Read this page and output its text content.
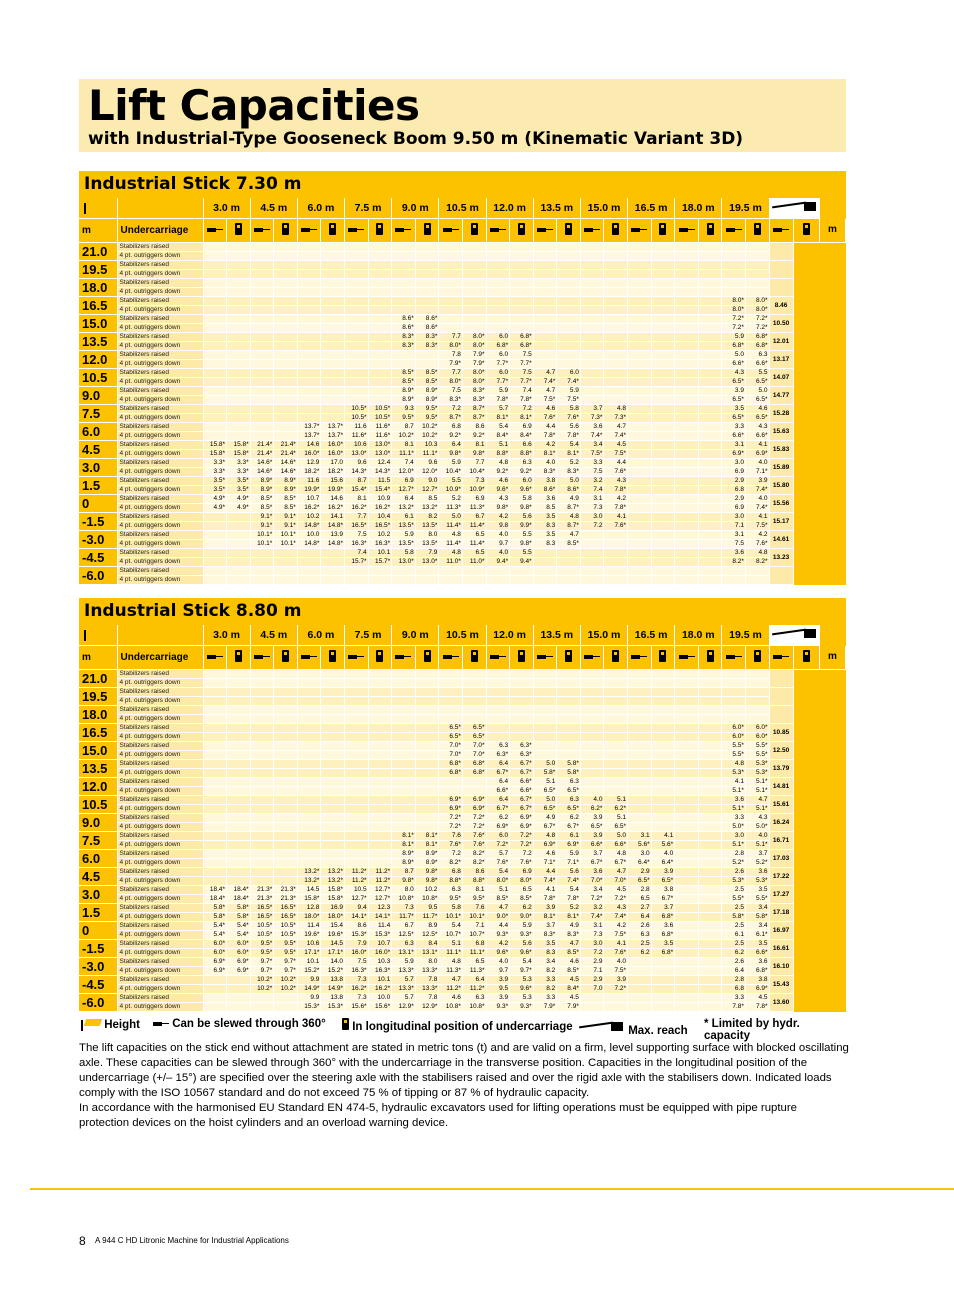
Lift Capacities
with Industrial-Type Gooseneck Boom 9.50 m (Kinematic Variant 3D)
Industrial Stick 7.30 m
		3.0 m		4.5 m		6.0 m		7.5 m		9.0 m		10.5 m		12.0 m		13.5 m		15.0 m		16.5 m		18.0 m		19.5 m				
m	Undercarriage																											m
21.0	Stabilizers raised																											
	4 pt. outriggers down																											
19.5	Stabilizers raised																											
	4 pt. outriggers down																											
18.0	Stabilizers raised																											
	4 pt. outriggers down																											
16.5	Stabilizers raised																							8.0*	8.0*	8.46		
	4 pt. outriggers down																							8.0*	8.0*			
15.0	Stabilizers raised									8.6*	8.6*													7.2*	7.2*	10.50		
	4 pt. outriggers down									8.6*	8.6*													7.2*	7.2*			
13.5	Stabilizers raised									8.3*	8.3*	7.7	8.0*	6.0	6.8*									5.9	6.8*	12.01		
	4 pt. outriggers down									8.3*	8.3*	8.0*	8.0*	6.8*	6.8*									6.8*	6.8*			
12.0	Stabilizers raised											7.8	7.9*	6.0	7.5									5.0	6.3	13.17		
	4 pt. outriggers down											7.9*	7.9*	7.7*	7.7*									6.6*	6.6*			
10.5	Stabilizers raised									8.5*	8.5*	7.7	8.0*	6.0	7.5	4.7	6.0							4.3	5.5	14.07		
	4 pt. outriggers down									8.5*	8.5*	8.0*	8.0*	7.7*	7.7*	7.4*	7.4*							6.5*	6.5*			
9.0	Stabilizers raised									8.9*	8.9*	7.5	8.3*	5.9	7.4	4.7	5.9							3.9	5.0	14.77		
	4 pt. outriggers down									8.9*	8.9*	8.3*	8.3*	7.8*	7.8*	7.5*	7.5*							6.5*	6.5*			
7.5	Stabilizers raised							10.5*	10.5*	9.3	9.5*	7.2	8.7*	5.7	7.2	4.6	5.8	3.7	4.8					3.5	4.6	15.28		
	4 pt. outriggers down							10.5*	10.5*	9.5*	9.5*	8.7*	8.7*	8.1*	8.1*	7.6*	7.6*	7.3*	7.3*					6.5*	6.5*			
6.0	Stabilizers raised					13.7*	13.7*	11.6	11.6*	8.7	10.2*	6.8	8.6	5.4	6.9	4.4	5.6	3.6	4.7					3.3	4.3	15.63		
	4 pt. outriggers down					13.7*	13.7*	11.6*	11.6*	10.2*	10.2*	9.2*	9.2*	8.4*	8.4*	7.8*	7.8*	7.4*	7.4*					6.6*	6.6*			
4.5	Stabilizers raised	15.8*	15.8*	21.4*	21.4*	14.6	16.0*	10.6	13.0*	8.1	10.3	6.4	8.1	5.1	6.6	4.2	5.4	3.4	4.5					3.1	4.1	15.83		
	4 pt. outriggers down	15.8*	15.8*	21.4*	21.4*	16.0*	16.0*	13.0*	13.0*	11.1*	11.1*	9.8*	9.8*	8.8*	8.8*	8.1*	8.1*	7.5*	7.5*					6.9*	6.9*			
3.0	Stabilizers raised	3.3*	3.3*	14.6*	14.6*	12.9	17.0	9.6	12.4	7.4	9.6	5.9	7.7	4.8	6.3	4.0	5.2	3.3	4.4					3.0	4.0	15.89		
	4 pt. outriggers down	3.3*	3.3*	14.6*	14.6*	18.2*	18.2*	14.3*	14.3*	12.0*	12.0*	10.4*	10.4*	9.2*	9.2*	8.3*	8.3*	7.5	7.6*					6.9	7.1*			
1.5	Stabilizers raised	3.5*	3.5*	8.9*	8.9*	11.6	15.6	8.7	11.5	6.9	9.0	5.5	7.3	4.6	6.0	3.8	5.0	3.2	4.3					2.9	3.9	15.80		
	4 pt. outriggers down	3.5*	3.5*	8.9*	8.9*	19.9*	19.9*	15.4*	15.4*	12.7*	12.7*	10.9*	10.9*	9.6*	9.6*	8.6*	8.6*	7.4	7.8*					6.8	7.4*			
0	Stabilizers raised	4.9*	4.9*	8.5*	8.5*	10.7	14.6	8.1	10.9	6.4	8.5	5.2	6.9	4.3	5.8	3.6	4.9	3.1	4.2					2.9	4.0	15.56		
	4 pt. outriggers down	4.9*	4.9*	8.5*	8.5*	16.2*	16.2*	16.2*	16.2*	13.2*	13.2*	11.3*	11.3*	9.8*	9.8*	8.5	8.7*	7.3	7.8*					6.9	7.4*			
-1.5	Stabilizers raised			9.1*	9.1*	10.2	14.1	7.7	10.4	6.1	8.2	5.0	6.7	4.2	5.6	3.5	4.8	3.0	4.1					3.0	4.1	15.17		
	4 pt. outriggers down			9.1*	9.1*	14.8*	14.8*	16.5*	16.5*	13.5*	13.5*	11.4*	11.4*	9.8	9.9*	8.3	8.7*	7.2	7.6*					7.1	7.5*			
-3.0	Stabilizers raised			10.1*	10.1*	10.0	13.9	7.5	10.2	5.9	8.0	4.8	6.5	4.0	5.5	3.5	4.7							3.1	4.2	14.61		
	4 pt. outriggers down			10.1*	10.1*	14.8*	14.8*	16.3*	16.3*	13.5*	13.5*	11.4*	11.4*	9.7	9.8*	8.3	8.5*							7.5	7.6*			
-4.5	Stabilizers raised							7.4	10.1	5.8	7.9	4.8	6.5	4.0	5.5									3.6	4.8	13.23		
	4 pt. outriggers down							15.7*	15.7*	13.0*	13.0*	11.0*	11.0*	9.4*	9.4*									8.2*	8.2*			
-6.0	Stabilizers raised																											
	4 pt. outriggers down																											
Industrial Stick 8.80 m
		3.0 m		4.5 m		6.0 m		7.5 m		9.0 m		10.5 m		12.0 m		13.5 m		15.0 m		16.5 m		18.0 m		19.5 m				
m	Undercarriage																											m
21.0	Stabilizers raised																											
	4 pt. outriggers down																											
19.5	Stabilizers raised																											
	4 pt. outriggers down																											
18.0	Stabilizers raised																											
	4 pt. outriggers down																											
16.5	Stabilizers raised											6.5*	6.5*											6.0*	6.0*	10.85		
	4 pt. outriggers down											6.5*	6.5*											6.0*	6.0*			
15.0	Stabilizers raised											7.0*	7.0*	6.3	6.3*									5.5*	5.5*	12.50		
	4 pt. outriggers down											7.0*	7.0*	6.3*	6.3*									5.5*	5.5*			
13.5	Stabilizers raised											6.8*	6.8*	6.4	6.7*	5.0	5.8*							4.8	5.3*	13.79		
	4 pt. outriggers down											6.8*	6.8*	6.7*	6.7*	5.8*	5.8*							5.3*	5.3*			
12.0	Stabilizers raised													6.4	6.6*	5.1	6.3							4.1	5.1*	14.81		
	4 pt. outriggers down													6.6*	6.6*	6.5*	6.5*							5.1*	5.1*			
10.5	Stabilizers raised											6.9*	6.9*	6.4	6.7*	5.0	6.3	4.0	5.1					3.6	4.7	15.61		
	4 pt. outriggers down											6.9*	6.9*	6.7*	6.7*	6.5*	6.5*	6.2*	6.2*					5.1*	5.1*			
9.0	Stabilizers raised											7.2*	7.2*	6.2	6.9*	4.9	6.2	3.9	5.1					3.3	4.3	16.24		
	4 pt. outriggers down											7.2*	7.2*	6.9*	6.9*	6.7*	6.7*	6.5*	6.5*					5.0*	5.0*			
7.5	Stabilizers raised									8.1*	8.1*	7.6	7.6*	6.0	7.2*	4.8	6.1	3.9	5.0	3.1	4.1			3.0	4.0	16.71		
	4 pt. outriggers down									8.1*	8.1*	7.6*	7.6*	7.2*	7.2*	6.9*	6.9*	6.6*	6.6*	5.6*	5.6*			5.1*	5.1*			
6.0	Stabilizers raised									8.9*	8.9*	7.2	8.2*	5.7	7.2	4.6	5.9	3.7	4.8	3.0	4.0			2.8	3.7	17.03		
	4 pt. outriggers down									8.9*	8.9*	8.2*	8.2*	7.6*	7.6*	7.1*	7.1*	6.7*	6.7*	6.4*	6.4*			5.2*	5.2*			
4.5	Stabilizers raised					13.2*	13.2*	11.2*	11.2*	8.7	9.8*	6.8	8.6	5.4	6.9	4.4	5.6	3.6	4.7	2.9	3.9			2.6	3.6	17.22		
	4 pt. outriggers down					13.2*	13.2*	11.2*	11.2*	9.8*	9.8*	8.8*	8.8*	8.0*	8.0*	7.4*	7.4*	7.0*	7.0*	6.5*	6.5*			5.3*	5.3*			
3.0	Stabilizers raised	18.4*	18.4*	21.3*	21.3*	14.5	15.8*	10.5	12.7*	8.0	10.2	6.3	8.1	5.1	6.5	4.1	5.4	3.4	4.5	2.8	3.8			2.5	3.5	17.27		
	4 pt. outriggers down	18.4*	18.4*	21.3*	21.3*	15.8*	15.8*	12.7*	12.7*	10.8*	10.8*	9.5*	9.5*	8.5*	8.5*	7.8*	7.8*	7.2*	7.2*	6.5	6.7*			5.5*	5.5*			
1.5	Stabilizers raised	5.8*	5.8*	16.5*	16.5*	12.8	16.9	9.4	12.3	7.3	9.5	5.8	7.6	4.7	6.2	3.9	5.2	3.2	4.3	2.7	3.7			2.5	3.4	17.18		
	4 pt. outriggers down	5.8*	5.8*	16.5*	16.5*	18.0*	18.0*	14.1*	14.1*	11.7*	11.7*	10.1*	10.1*	9.0*	9.0*	8.1*	8.1*	7.4*	7.4*	6.4	6.8*			5.8*	5.8*			
0	Stabilizers raised	5.4*	5.4*	10.5*	10.5*	11.4	15.4	8.6	11.4	6.7	8.9	5.4	7.1	4.4	5.9	3.7	4.9	3.1	4.2	2.6	3.6			2.5	3.4	16.97		
	4 pt. outriggers down	5.4*	5.4*	10.5*	10.5*	19.6*	19.6*	15.3*	15.3*	12.5*	12.5*	10.7*	10.7*	9.3*	9.3*	8.3*	8.3*	7.3	7.5*	6.3	6.8*			6.1	6.1*			
-1.5	Stabilizers raised	6.0*	6.0*	9.5*	9.5*	10.6	14.5	7.9	10.7	6.3	8.4	5.1	6.8	4.2	5.6	3.5	4.7	3.0	4.1	2.5	3.5			2.5	3.5	16.61		
	4 pt. outriggers down	6.0*	6.0*	9.5*	9.5*	17.1*	17.1*	16.0*	16.0*	13.1*	13.1*	11.1*	11.1*	9.6*	9.6*	8.3	8.5*	7.2	7.6*	6.2	6.8*			6.2	6.6*			
-3.0	Stabilizers raised	6.9*	6.9*	9.7*	9.7*	10.1	14.0	7.5	10.3	5.9	8.0	4.8	6.5	4.0	5.4	3.4	4.6	2.9	4.0					2.6	3.6	16.10		
	4 pt. outriggers down	6.9*	6.9*	9.7*	9.7*	15.2*	15.2*	16.3*	16.3*	13.3*	13.3*	11.3*	11.3*	9.7	9.7*	8.2	8.5*	7.1	7.5*					6.4	6.8*			
-4.5	Stabilizers raised			10.2*	10.2*	9.9	13.8	7.3	10.1	5.7	7.8	4.7	6.4	3.9	5.3	3.3	4.5	2.9	3.9					2.8	3.8	15.43		
	4 pt. outriggers down			10.2*	10.2*	14.9*	14.9*	16.2*	16.2*	13.3*	13.3*	11.2*	11.2*	9.5	9.6*	8.2	8.4*	7.0	7.2*					6.8	6.9*			
-6.0	Stabilizers raised					9.9	13.8	7.3	10.0	5.7	7.8	4.6	6.3	3.9	5.3	3.3	4.5							3.3	4.5	13.60		
	4 pt. outriggers down					15.3*	15.3*	15.6*	15.6*	12.9*	12.9*	10.8*	10.8*	9.3*	9.3*	7.9*	7.9*							7.8*	7.8*			
Height	Can be slewed through 360°	In longitudinal position of undercarriage	Max. reach
* Limited by hydr. capacity

The lift capacities on the stick end without attachment are stated in metric tons (t) and are valid on a firm, level supporting surface with blocked oscillating axle. These capacities can be slewed through 360° with the undercarriage in the transverse position. Capacities in the longitudinal position of the undercarriage (+/– 15°) are specified over the steering axle with the stabilisers raised and over the rigid axle with the stabilisers down. Indicated loads comply with the ISO 10567 standard and do not exceed 75 % of tipping or 87 % of hydraulic capacity.

In accordance with the harmonised EU Standard EN 474-5, hydraulic excavators used for lifting operations must be equipped with pipe rupture protection devices on the hoist cylinders and an overload warning device.

8 A 944 C HD Litronic Machine for Industrial Applications
